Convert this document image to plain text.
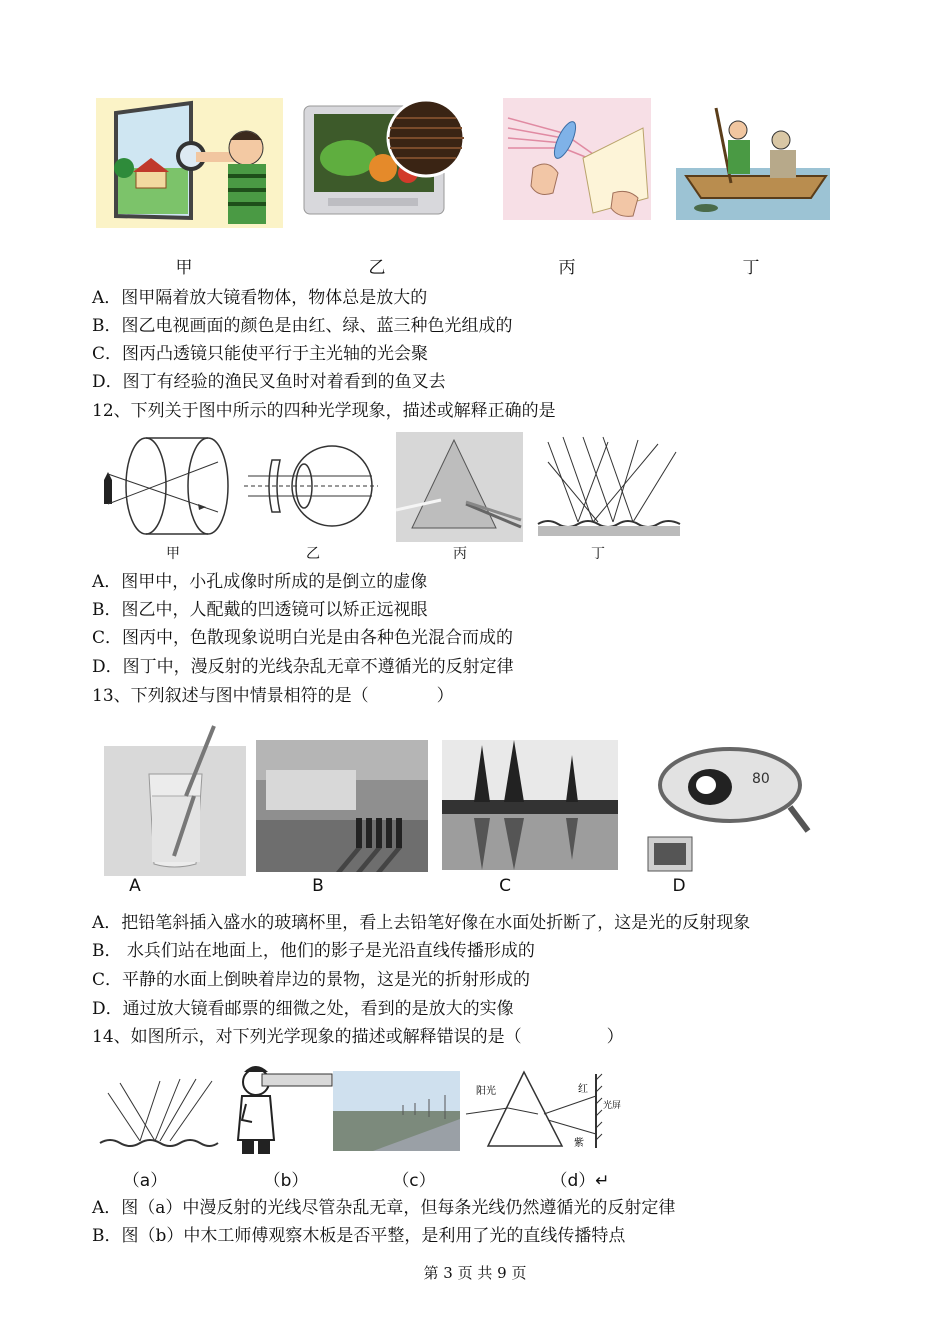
甲	乙	丙	丁
A．图甲隔着放大镜看物体，物体总是放大的
B．图乙电视画面的颜色是由红、绿、蓝三种色光组成的
C．图丙凸透镜只能使平行于主光轴的光会聚
D．图丁有经验的渔民叉鱼时对着看到的鱼叉去
12、下列关于图中所示的四种光学现象，描述或解释正确的是
甲	乙	丙	丁
A．图甲中，小孔成像时所成的是倒立的虚像
B．图乙中，人配戴的凹透镜可以矫正远视眼
C．图丙中，色散现象说明白光是由各种色光混合而成的
D．图丁中，漫反射的光线杂乱无章不遵循光的反射定律
13、下列叙述与图中情景相符的是（　　　　）
80
A	B	C	D
A．把铅笔斜插入盛水的玻璃杯里，看上去铅笔好像在水面处折断了，这是光的反射现象
B． 水兵们站在地面上，他们的影子是光沿直线传播形成的
C．平静的水面上倒映着岸边的景物，这是光的折射形成的
D．通过放大镜看邮票的细微之处，看到的是放大的实像
14、如图所示，对下列光学现象的描述或解释错误的是（　　　　　）
阳光	红
紫
光屏
（a）	（b）	（c）	（d）↵
A．图（a）中漫反射的光线尽管杂乱无章，但每条光线仍然遵循光的反射定律
B．图（b）中木工师傅观察木板是否平整，是利用了光的直线传播特点
第 3 页 共 9 页
